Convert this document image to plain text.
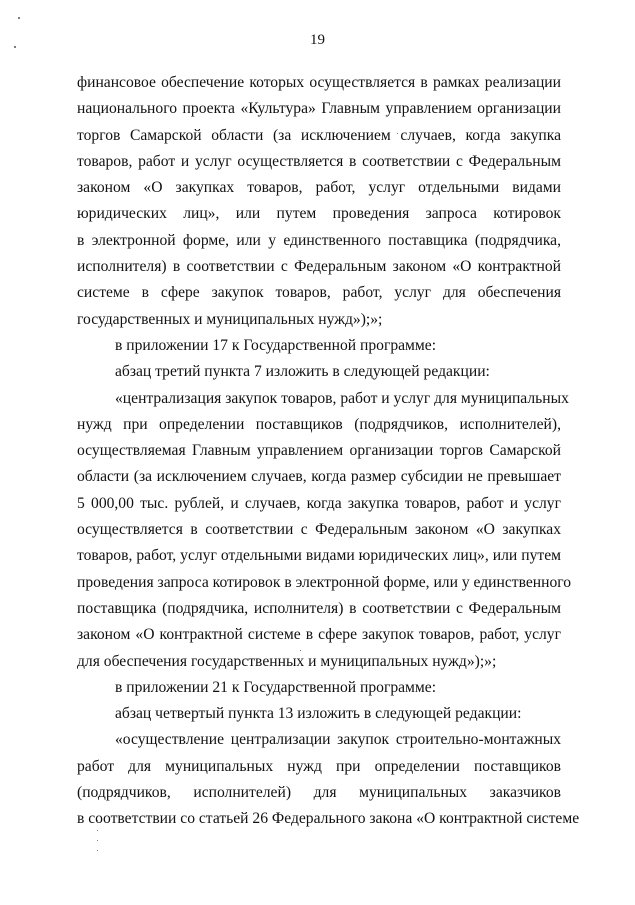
19
финансовое обеспечение которых осуществляется в рамках реализации
национального проекта «Культура» Главным управлением организации
торгов Самарской области (за исключением случаев, когда закупка
товаров, работ и услуг осуществляется в соответствии с Федеральным
законом «О закупках товаров, работ, услуг отдельными видами
юридических лиц», или путем проведения запроса котировок
в электронной форме, или у единственного поставщика (подрядчика,
исполнителя) в соответствии с Федеральным законом «О контрактной
системе в сфере закупок товаров, работ, услуг для обеспечения
государственных и муниципальных нужд»);»;
в приложении 17 к Государственной программе:
абзац третий пункта 7 изложить в следующей редакции:
«централизация закупок товаров, работ и услуг для муниципальных
нужд при определении поставщиков (подрядчиков, исполнителей),
осуществляемая Главным управлением организации торгов Самарской
области (за исключением случаев, когда размер субсидии не превышает
5 000,00 тыс. рублей, и случаев, когда закупка товаров, работ и услуг
осуществляется в соответствии с Федеральным законом «О закупках
товаров, работ, услуг отдельными видами юридических лиц», или путем
проведения запроса котировок в электронной форме, или у единственного
поставщика (подрядчика, исполнителя) в соответствии с Федеральным
законом «О контрактной системе в сфере закупок товаров, работ, услуг
для обеспечения государственных и муниципальных нужд»);»;
в приложении 21 к Государственной программе:
абзац четвертый пункта 13 изложить в следующей редакции:
«осуществление централизации закупок строительно-монтажных
работ для муниципальных нужд при определении поставщиков
(подрядчиков, исполнителей) для муниципальных заказчиков
в соответствии со статьей 26 Федерального закона «О контрактной системе
